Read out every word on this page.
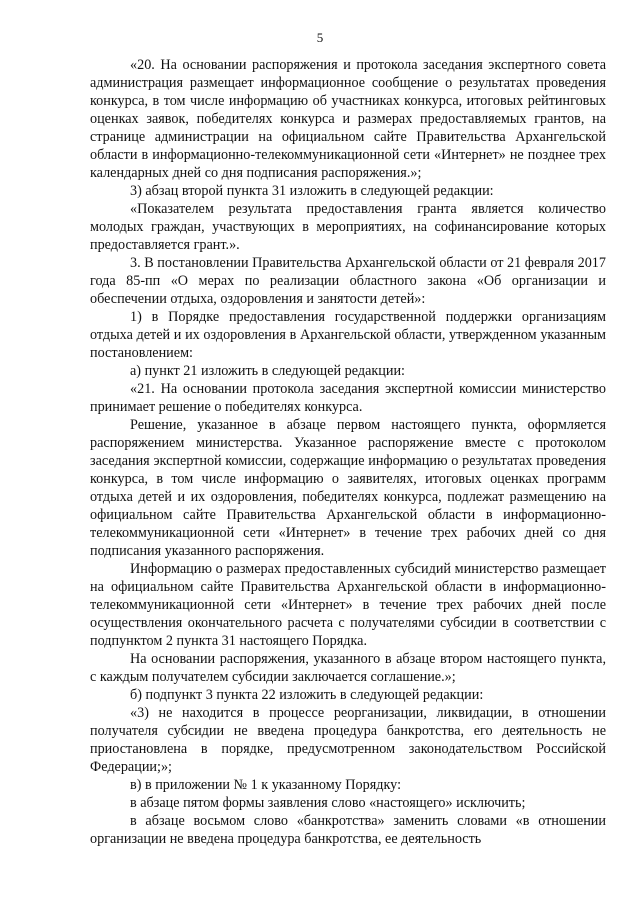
5

«20. На основании распоряжения и протокола заседания экспертного совета администрация размещает информационное сообщение о результатах проведения конкурса, в том числе информацию об участниках конкурса, итоговых рейтинговых оценках заявок, победителях конкурса и размерах предоставляемых грантов, на странице администрации на официальном сайте Правительства Архангельской области в информационно-телекоммуникационной сети «Интернет» не позднее трех календарных дней со дня подписания распоряжения.»;

3) абзац второй пункта 31 изложить в следующей редакции:

«Показателем результата предоставления гранта является количество молодых граждан, участвующих в мероприятиях, на софинансирование которых предоставляется грант.».

3. В постановлении Правительства Архангельской области от 21 февраля 2017 года 85-пп «О мерах по реализации областного закона «Об организации и обеспечении отдыха, оздоровления и занятости детей»:

1) в Порядке предоставления государственной поддержки организациям отдыха детей и их оздоровления в Архангельской области, утвержденном указанным постановлением:

а) пункт 21 изложить в следующей редакции:

«21. На основании протокола заседания экспертной комиссии министерство принимает решение о победителях конкурса.

Решение, указанное в абзаце первом настоящего пункта, оформляется распоряжением министерства. Указанное распоряжение вместе с протоколом заседания экспертной комиссии, содержащие информацию о результатах проведения конкурса, в том числе информацию о заявителях, итоговых оценках программ отдыха детей и их оздоровления, победителях конкурса, подлежат размещению на официальном сайте Правительства Архангельской области в информационно-телекоммуникационной сети «Интернет» в течение трех рабочих дней со дня подписания указанного распоряжения.

Информацию о размерах предоставленных субсидий министерство размещает на официальном сайте Правительства Архангельской области в информационно-телекоммуникационной сети «Интернет» в течение трех рабочих дней после осуществления окончательного расчета с получателями субсидии в соответствии с подпунктом 2 пункта 31 настоящего Порядка.

На основании распоряжения, указанного в абзаце втором настоящего пункта, с каждым получателем субсидии заключается соглашение.»;

б) подпункт 3 пункта 22 изложить в следующей редакции:

«3) не находится в процессе реорганизации, ликвидации, в отношении получателя субсидии не введена процедура банкротства, его деятельность не приостановлена в порядке, предусмотренном законодательством Российской Федерации;»;

в) в приложении № 1 к указанному Порядку:

в абзаце пятом формы заявления слово «настоящего» исключить;

в абзаце восьмом слово «банкротства» заменить словами «в отношении организации не введена процедура банкротства, ее деятельность
